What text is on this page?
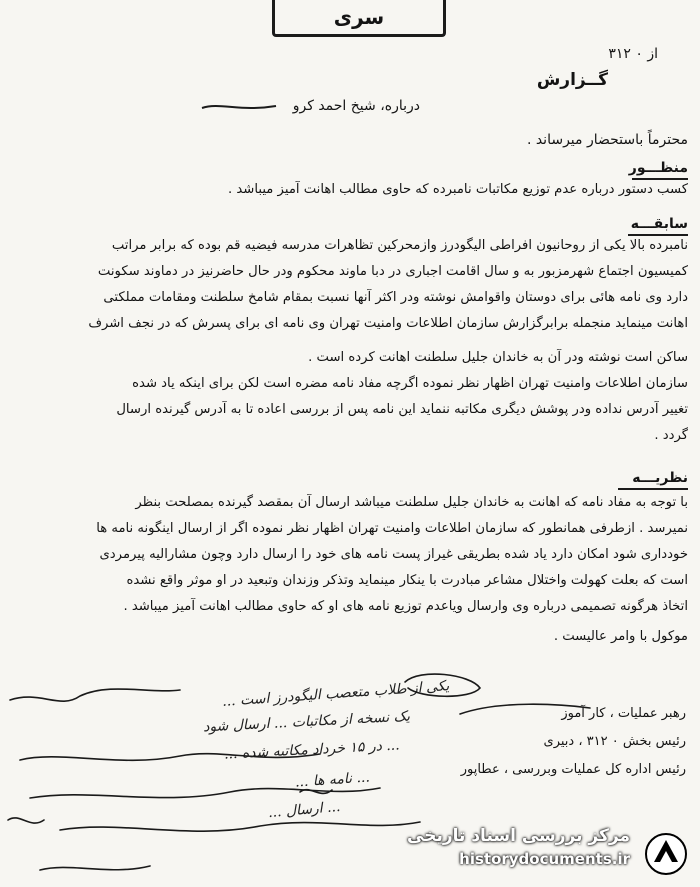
سری
از ۰ ۳۱۲
گــزارش
درباره، شیخ احمد کرو
محترماً باستحضار میرساند .
منظـــور
کسب دستور درباره عدم توزیع مکاتبات نامبرده که حاوی مطالب اهانت آمیز میباشد .
سابقـــه
نامبرده بالا یکی از روحانیون افراطی الیگودرز وازمحرکین تظاهرات مدرسه فیضیه قم بوده که برابر مراتب
کمیسیون اجتماع شهرمزبور به و سال اقامت اجباری در دبا ماوند محکوم ودر حال حاضرنیز در دماوند سکونت
دارد وی نامه هائی برای دوستان واقوامش نوشته ودر اکثر آنها نسبت بمقام شامخ سلطنت ومقامات مملکتی
اهانت مینماید منجمله برابرگزارش سازمان اطلاعات وامنیت تهران وی نامه ای برای پسرش که در نجف اشرف
ساکن است نوشته ودر آن به خاندان جلیل سلطنت اهانت کرده است .
سازمان اطلاعات وامنیت تهران اظهار نظر نموده اگرچه مفاد نامه مضره است لکن برای اینکه یاد شده
تغییر آدرس نداده ودر پوشش دیگری مکاتبه ننماید این نامه پس از بررسی اعاده تا به آدرس گیرنده ارسال
گردد .
نظریـــه
با توجه به مفاد نامه که اهانت به خاندان جلیل سلطنت میباشد ارسال آن بمقصد گیرنده بمصلحت بنظر
نمیرسد . ازطرفی همانطور که سازمان اطلاعات وامنیت تهران اظهار نظر نموده اگر از ارسال اینگونه نامه ها
خودداری شود امکان دارد یاد شده بطریقی غیراز پست نامه های خود را ارسال دارد وچون مشارالیه پیرمردی
است که بعلت کهولت واختلال مشاعر مبادرت با ینکار مینماید وتذکر وزندان وتبعید در او موثر واقع نشده
اتخاذ هرگونه تصمیمی درباره وی وارسال ویاعدم توزیع نامه های او که حاوی مطالب اهانت آمیز میباشد .
موکول با وامر عالیست .
رهبر عملیات ، کار آموز
رئیس بخش ۰ ۳۱۲ ، دبیری
رئیس اداره کل عملیات وبررسی ، عطاپور
یکی از طلاب متعصب الیگودرز است ...
یک نسخه از مکاتبات ... ارسال شود
... در ۱۵ خرداد مکاتبه شده ...
... نامه ها ...
... ارسال ...
مرکز بررسی اسناد تاریخی
historydocuments.ir
